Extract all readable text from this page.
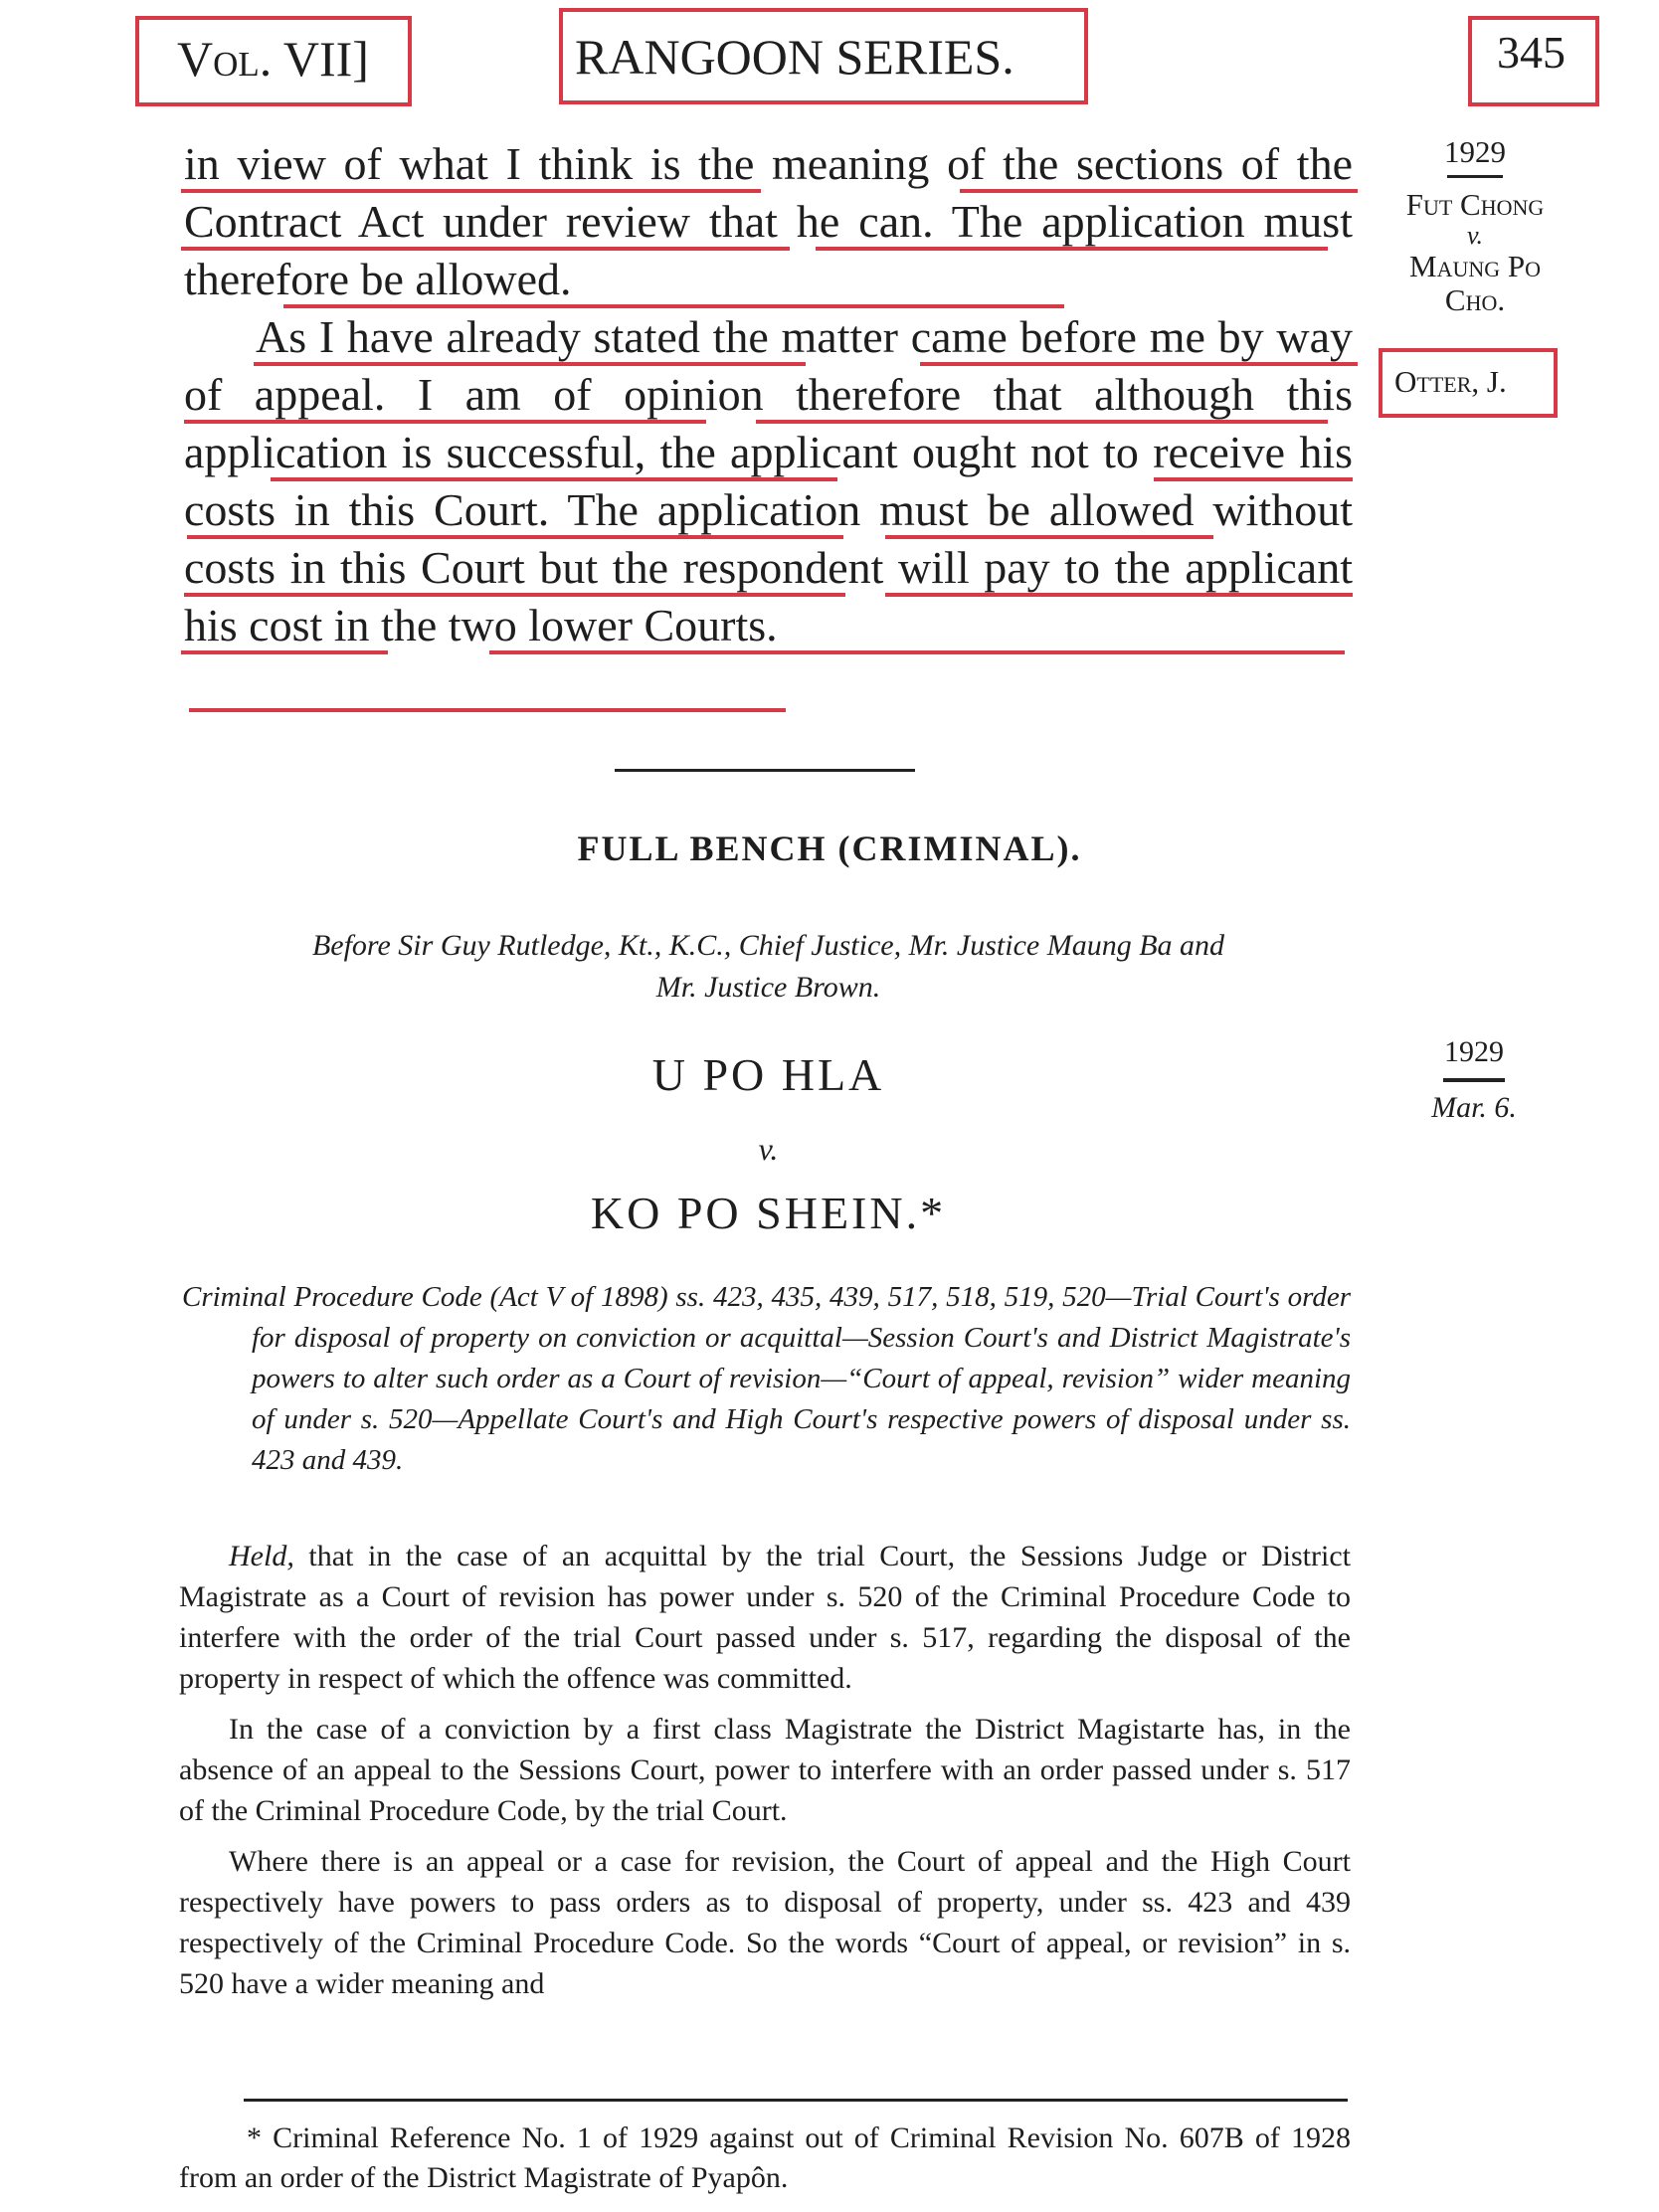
Vol. VII]	RANGOON SERIES.	345
1929
Fut Chong
v.
Maung Po Cho.
Otter, J.

in view of what I think is the meaning of the sections of the Contract Act under review that he can. The application must therefore be allowed.

As I have already stated the matter came before me by way of appeal. I am of opinion therefore that although this application is successful, the applicant ought not to receive his costs in this Court. The application must be allowed without costs in this Court but the respondent will pay to the applicant his cost in the two lower Courts.

FULL BENCH (CRIMINAL).
Before Sir Guy Rutledge, Kt., K.C., Chief Justice, Mr. Justice Maung Ba and
Mr. Justice Brown.
U PO HLA
v.
KO PO SHEIN.*
1929
Mar. 6.

Criminal Procedure Code (Act V of 1898) ss. 423, 435, 439, 517, 518, 519, 520—Trial Court's order for disposal of property on conviction or acquittal—Session Court's and District Magistrate's powers to alter such order as a Court of revision—“Court of appeal, revision” wider meaning of under s. 520—Appellate Court's and High Court's respective powers of disposal under ss. 423 and 439.

Held, that in the case of an acquittal by the trial Court, the Sessions Judge or District Magistrate as a Court of revision has power under s. 520 of the Criminal Procedure Code to interfere with the order of the trial Court passed under s. 517, regarding the disposal of the property in respect of which the offence was committed.

In the case of a conviction by a first class Magistrate the District Magistarte has, in the absence of an appeal to the Sessions Court, power to interfere with an order passed under s. 517 of the Criminal Procedure Code, by the trial Court.

Where there is an appeal or a case for revision, the Court of appeal and the High Court respectively have powers to pass orders as to disposal of property, under ss. 423 and 439 respectively of the Criminal Procedure Code. So the words “Court of appeal, or revision” in s. 520 have a wider meaning and

* Criminal Reference No. 1 of 1929 against out of Criminal Revision No. 607B of 1928 from an order of the District Magistrate of Pyapôn.
